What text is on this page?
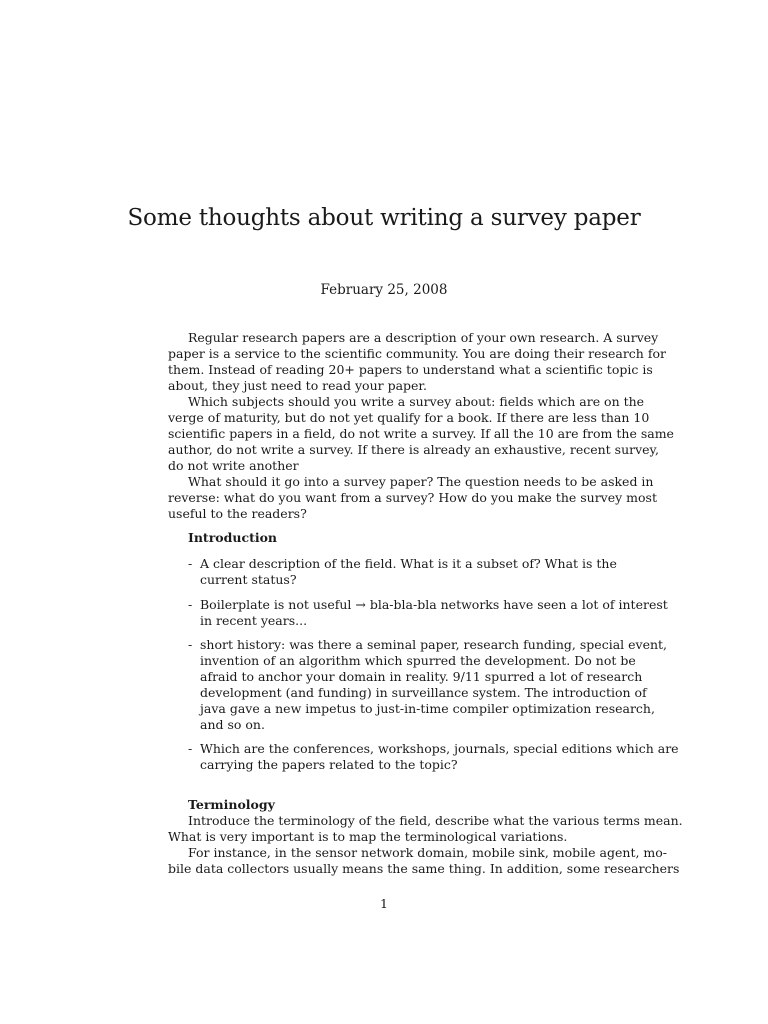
Some thoughts about writing a survey paper
February 25, 2008
Regular research papers are a description of your own research. A survey
paper is a service to the scientific community. You are doing their research for
them. Instead of reading 20+ papers to understand what a scientific topic is
about, they just need to read your paper.
Which subjects should you write a survey about: fields which are on the
verge of maturity, but do not yet qualify for a book. If there are less than 10
scientific papers in a field, do not write a survey. If all the 10 are from the same
author, do not write a survey. If there is already an exhaustive, recent survey,
do not write another
What should it go into a survey paper? The question needs to be asked in
reverse: what do you want from a survey? How do you make the survey most
useful to the readers?
Introduction
- A clear description of the field. What is it a subset of? What is the
current status?
- Boilerplate is not useful → bla-bla-bla networks have seen a lot of interest
in recent years...
- short history: was there a seminal paper, research funding, special event,
invention of an algorithm which spurred the development. Do not be
afraid to anchor your domain in reality. 9/11 spurred a lot of research
development (and funding) in surveillance system. The introduction of
java gave a new impetus to just-in-time compiler optimization research,
and so on.
- Which are the conferences, workshops, journals, special editions which are
carrying the papers related to the topic?
Terminology
Introduce the terminology of the field, describe what the various terms mean.
What is very important is to map the terminological variations.
For instance, in the sensor network domain, mobile sink, mobile agent, mo-
bile data collectors usually means the same thing. In addition, some researchers
1
